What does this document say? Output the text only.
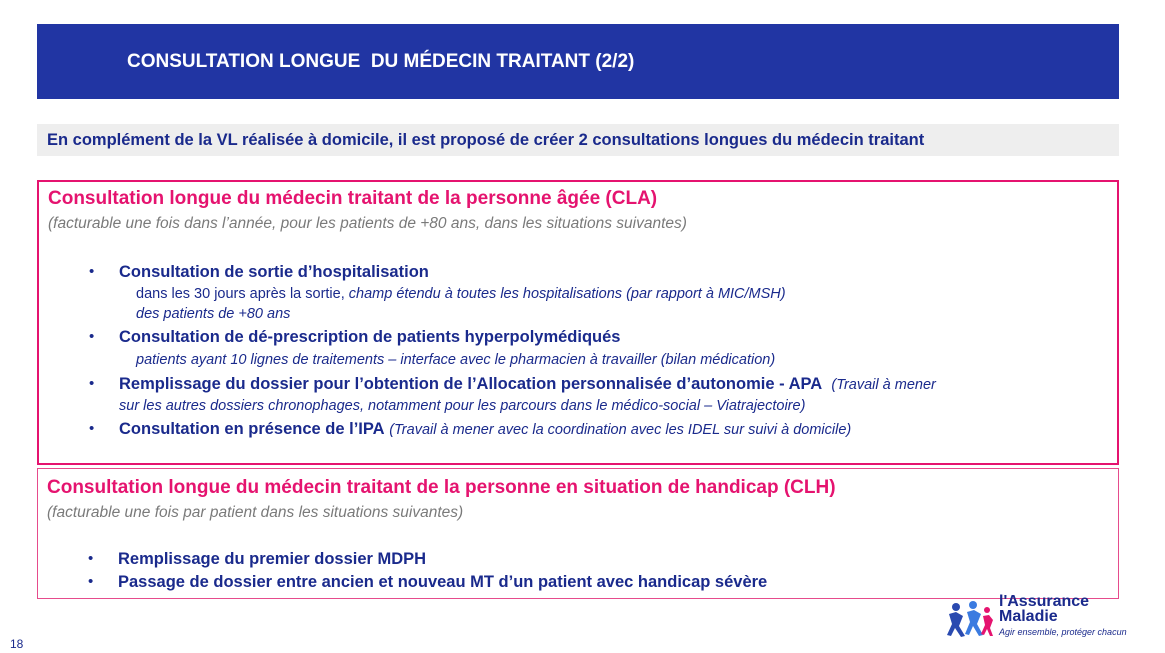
CONSULTATION LONGUE  DU MÉDECIN TRAITANT (2/2)
En complément de la VL réalisée à domicile, il est proposé de créer 2 consultations longues du médecin traitant
Consultation longue du médecin traitant de la personne âgée (CLA)
(facturable une fois dans l’année, pour les patients de +80 ans, dans les situations suivantes)
• Consultation de sortie d’hospitalisation
dans les 30 jours après la sortie, champ étendu à toutes les hospitalisations (par rapport à MIC/MSH)
des patients de +80 ans
• Consultation de dé-prescription de patients hyperpolymédiqués
patients ayant 10 lignes de traitements – interface avec le pharmacien à travailler (bilan médication)
• Remplissage du dossier pour l’obtention de l’Allocation personnalisée d’autonomie - APA (Travail à mener
sur les autres dossiers chronophages, notamment pour les parcours dans le médico-social – Viatrajectoire)
• Consultation en présence de l’IPA (Travail à mener avec la coordination avec les IDEL sur suivi à domicile)
Consultation longue du médecin traitant de la personne en situation de handicap (CLH)
(facturable une fois par patient dans les situations suivantes)
• Remplissage du premier dossier MDPH
• Passage de dossier entre ancien et nouveau MT d’un patient avec handicap sévère
18
l'Assurance
Maladie
Agir ensemble, protéger chacun
